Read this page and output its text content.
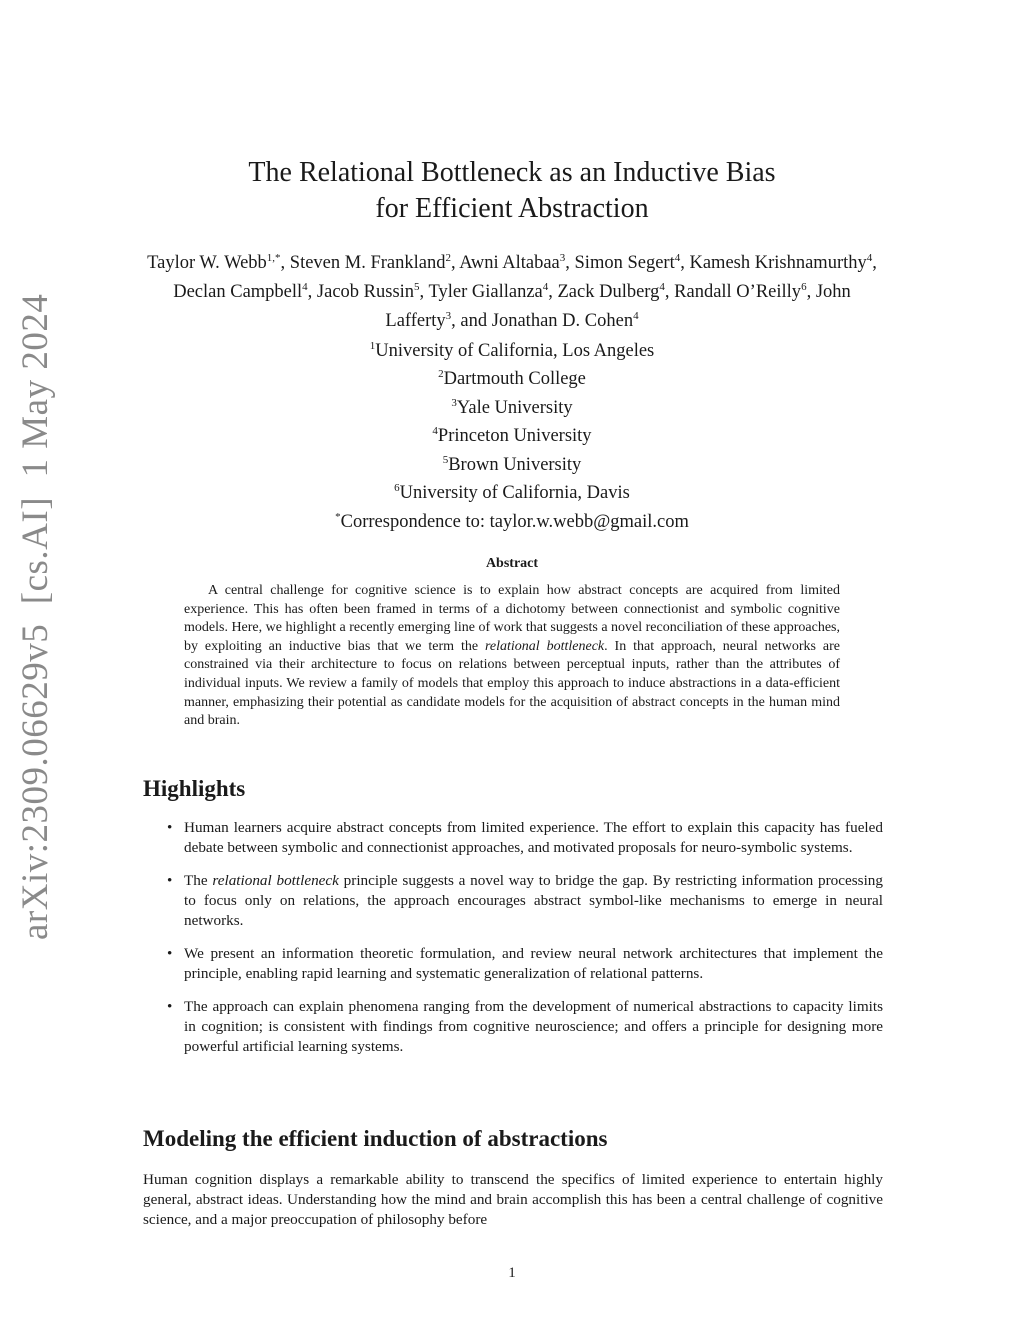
arXiv:2309.06629v5  [cs.AI]  1 May 2024
The Relational Bottleneck as an Inductive Bias
for Efficient Abstraction
Taylor W. Webb$^{1,*}$, Steven M. Frankland$^2$, Awni Altabaa$^3$, Simon Segert$^4$, Kamesh Krishnamurthy$^4$, Declan Campbell$^4$, Jacob Russin$^5$, Tyler Giallanza$^4$, Zack Dulberg$^4$, Randall O’Reilly$^6$, John Lafferty$^3$, and Jonathan D. Cohen$^4$
$^1$University of California, Los Angeles
$^2$Dartmouth College
$^3$Yale University
$^4$Princeton University
$^5$Brown University
$^6$University of California, Davis
*Correspondence to: taylor.w.webb@gmail.com
Abstract

A central challenge for cognitive science is to explain how abstract concepts are acquired from limited experience. This has often been framed in terms of a dichotomy between connectionist and symbolic cognitive models. Here, we highlight a recently emerging line of work that suggests a novel reconciliation of these approaches, by exploiting an inductive bias that we term the relational bottleneck. In that approach, neural networks are constrained via their architecture to focus on relations between perceptual inputs, rather than the attributes of individual inputs. We review a family of models that employ this approach to induce abstractions in a data-efficient manner, emphasizing their potential as candidate models for the acquisition of abstract concepts in the human mind and brain.

Highlights
• Human learners acquire abstract concepts from limited experience. The effort to explain this capacity has fueled debate between symbolic and connectionist approaches, and motivated proposals for neuro-symbolic systems.
• The relational bottleneck principle suggests a novel way to bridge the gap. By restricting information processing to focus only on relations, the approach encourages abstract symbol-like mechanisms to emerge in neural networks.
• We present an information theoretic formulation, and review neural network architectures that implement the principle, enabling rapid learning and systematic generalization of relational patterns.
• The approach can explain phenomena ranging from the development of numerical abstractions to capacity limits in cognition; is consistent with findings from cognitive neuroscience; and offers a principle for designing more powerful artificial learning systems.
Modeling the efficient induction of abstractions

Human cognition displays a remarkable ability to transcend the specifics of limited experience to entertain highly general, abstract ideas. Understanding how the mind and brain accomplish this has been a central challenge of cognitive science, and a major preoccupation of philosophy before

1
